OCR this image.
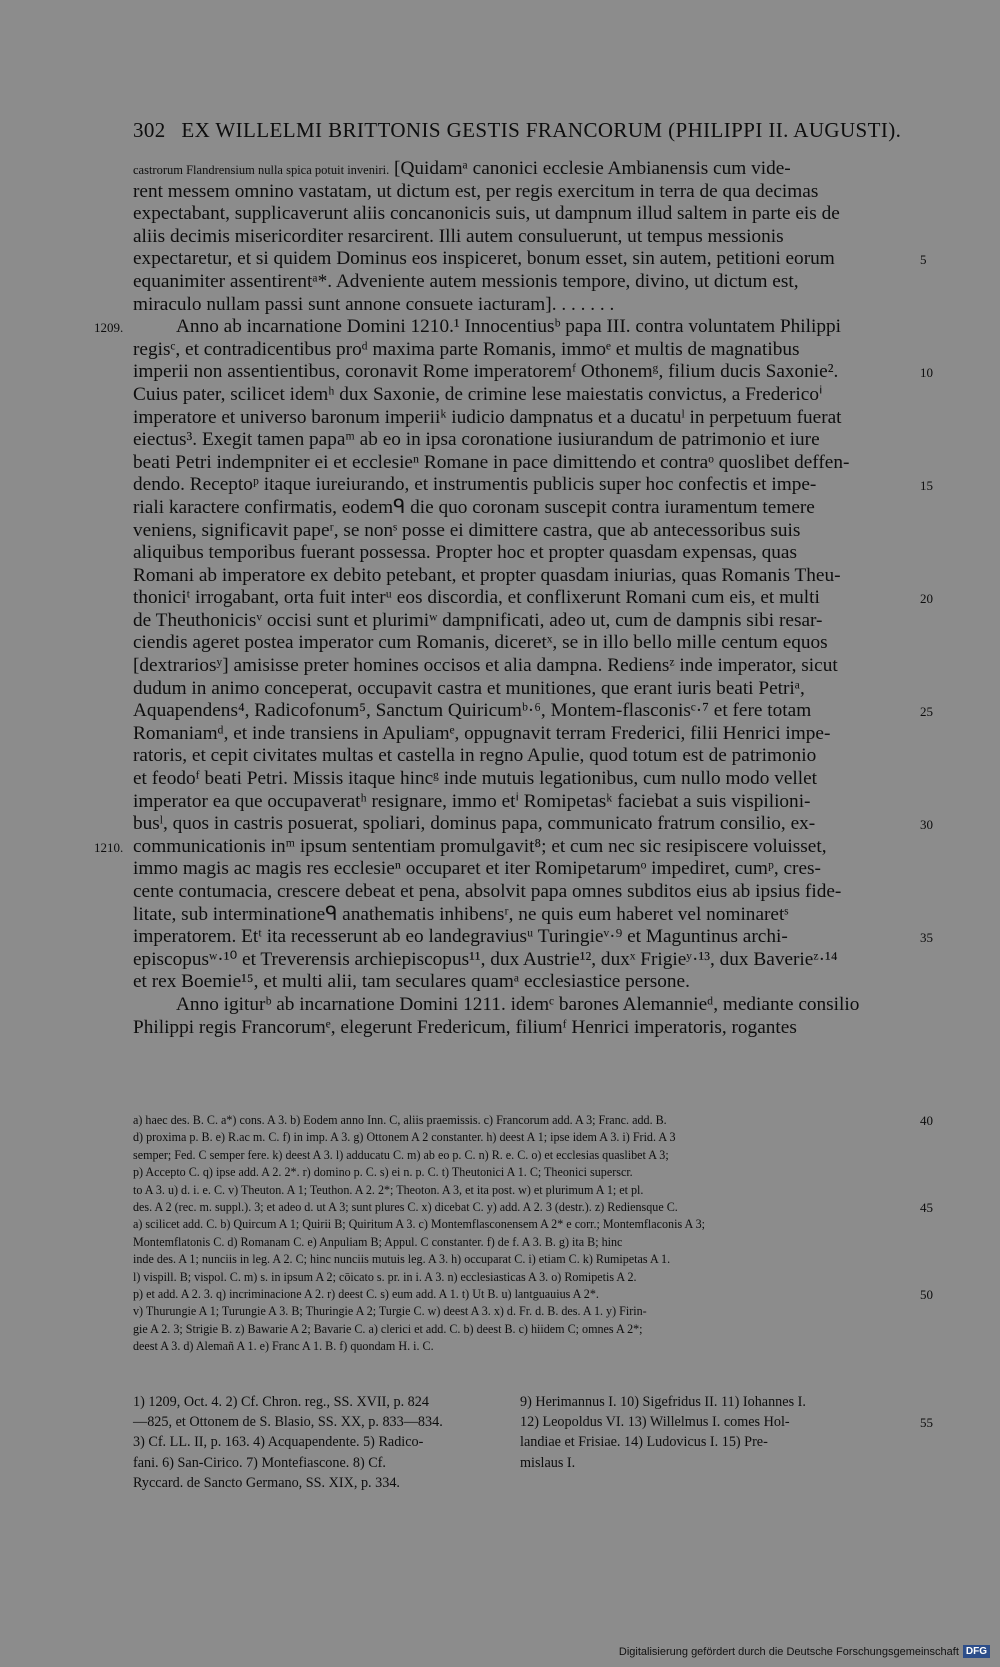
302 EX WILLELMI BRITTONIS GESTIS FRANCORUM (PHILIPPI II. AUGUSTI).
castrorum Flandrensium nulla spica potuit inveniri. [Quidamᵃ canonici ecclesie Ambianensis cum vide-
rent messem omnino vastatam, ut dictum est, per regis exercitum in terra de qua decimas
expectabant, supplicaverunt aliis concanonicis suis, ut dampnum illud saltem in parte eis de
aliis decimis misericorditer resarcirent. Illi autem consuluerunt, ut tempus messionis
expectaretur, et si quidem Dominus eos inspiceret, bonum esset, sin autem, petitioni eorum
equanimiter assentirentᵃ*. Adveniente autem messionis tempore, divino, ut dictum est,
miraculo nullam passi sunt annone consuete iacturam]. . . . . . .
Anno ab incarnatione Domini 1210.¹ Innocentiusᵇ papa III. contra voluntatem Philippi
regisᶜ, et contradicentibus proᵈ maxima parte Romanis, immoᵉ et multis de magnatibus
imperii non assentientibus, coronavit Rome imperatoremᶠ Othonemᵍ, filium ducis Saxonie².
Cuius pater, scilicet idemʰ dux Saxonie, de crimine lese maiestatis convictus, a Fredericoⁱ
imperatore et universo baronum imperiiᵏ iudicio dampnatus et a ducatuˡ in perpetuum fuerat
eiectus³. Exegit tamen papaᵐ ab eo in ipsa coronatione iusiurandum de patrimonio et iure
beati Petri indempniter ei et ecclesieⁿ Romane in pace dimittendo et contraᵒ quoslibet deffen-
dendo. Receptoᵖ itaque iureiurando, et instrumentis publicis super hoc confectis et impe-
riali karactere confirmatis, eodemᑫ die quo coronam suscepit contra iuramentum temere
veniens, significavit papeʳ, se nonˢ posse ei dimittere castra, que ab antecessoribus suis
aliquibus temporibus fuerant possessa. Propter hoc et propter quasdam expensas, quas
Romani ab imperatore ex debito petebant, et propter quasdam iniurias, quas Romanis Theu-
thoniciᵗ irrogabant, orta fuit interᵘ eos discordia, et conflixerunt Romani cum eis, et multi
de Theuthonicisᵛ occisi sunt et plurimiʷ dampnificati, adeo ut, cum de dampnis sibi resar-
ciendis ageret postea imperator cum Romanis, diceretˣ, se in illo bello mille centum equos
[dextrariosʸ] amisisse preter homines occisos et alia dampna. Rediensᶻ inde imperator, sicut
dudum in animo conceperat, occupavit castra et munitiones, que erant iuris beati Petriᵃ,
Aquapendens⁴, Radicofonum⁵, Sanctum Quiricumᵇ·⁶, Montem-flasconisᶜ·⁷ et fere totam
Romaniamᵈ, et inde transiens in Apuliamᵉ, oppugnavit terram Frederici, filii Henrici impe-
ratoris, et cepit civitates multas et castella in regno Apulie, quod totum est de patrimonio
et feodoᶠ beati Petri. Missis itaque hincᵍ inde mutuis legationibus, cum nullo modo vellet
imperator ea que occupaveratʰ resignare, immo etⁱ Romipetasᵏ faciebat a suis vispilioni-
busˡ, quos in castris posuerat, spoliari, dominus papa, communicato fratrum consilio, ex-
communicationis inᵐ ipsum sententiam promulgavit⁸; et cum nec sic resipiscere voluisset,
immo magis ac magis res ecclesieⁿ occuparet et iter Romipetarumᵒ impediret, cumᵖ, cres-
cente contumacia, crescere debeat et pena, absolvit papa omnes subditos eius ab ipsius fide-
litate, sub interminationeᑫ anathematis inhibensʳ, ne quis eum haberet vel nominaretˢ
imperatorem. Etᵗ ita recesserunt ab eo landegraviusᵘ Turingieᵛ·⁹ et Maguntinus archi-
episcopusʷ·¹⁰ et Treverensis archiepiscopus¹¹, dux Austrie¹², duxˣ Frigieʸ·¹³, dux Baverieᶻ·¹⁴
et rex Boemie¹⁵, et multi alii, tam seculares quamᵃ ecclesiastice persone.
Anno igiturᵇ ab incarnatione Domini 1211. idemᶜ barones Alemannieᵈ, mediante consilio
Philippi regis Francorumᵉ, elegerunt Fredericum, filiumᶠ Henrici imperatoris, rogantes
1209.
1210.
5
10
15
20
25
30
35
40
45
50
55
a) haec des. B. C. a*) cons. A 3. b) Eodem anno Inn. C, aliis praemissis. c) Francorum add. A 3; Franc. add. B.
d) proxima p. B. e) R.ac m. C. f) in imp. A 3. g) Ottonem A 2 constanter. h) deest A 1; ipse idem A 3. i) Frid. A 3
semper; Fed. C semper fere. k) deest A 3. l) adducatu C. m) ab eo p. C. n) R. e. C. o) et ecclesias quaslibet A 3;
p) Accepto C. q) ipse add. A 2. 2*. r) domino p. C. s) ei n. p. C. t) Theutonici A 1. C; Theonici superscr.
to A 3. u) d. i. e. C. v) Theuton. A 1; Teuthon. A 2. 2*; Theoton. A 3, et ita post. w) et plurimum A 1; et pl.
des. A 2 (rec. m. suppl.). 3; et adeo d. ut A 3; sunt plures C. x) dicebat C. y) add. A 2. 3 (destr.). z) Rediensque C.
a) scilicet add. C. b) Quircum A 1; Quirii B; Quiritum A 3. c) Montemflasconensem A 2* e corr.; Montemflaconis A 3;
Montemflatonis C. d) Romanam C. e) Anpuliam B; Appul. C constanter. f) de f. A 3. B. g) ita B; hinc
inde des. A 1; nunciis in leg. A 2. C; hinc nunciis mutuis leg. A 3. h) occuparat C. i) etiam C. k) Rumipetas A 1.
l) vispill. B; vispol. C. m) s. in ipsum A 2; cōicato s. pr. in i. A 3. n) ecclesiasticas A 3. o) Romipetis A 2.
p) et add. A 2. 3. q) incriminacione A 2. r) deest C. s) eum add. A 1. t) Ut B. u) lantguauius A 2*.
v) Thurungie A 1; Turungie A 3. B; Thuringie A 2; Turgie C. w) deest A 3. x) d. Fr. d. B. des. A 1. y) Firin-
gie A 2. 3; Strigie B. z) Bawarie A 2; Bavarie C. a) clerici et add. C. b) deest B. c) hiidem C; omnes A 2*;
deest A 3. d) Alemañ A 1. e) Franc A 1. B. f) quondam H. i. C.
1) 1209, Oct. 4. 2) Cf. Chron. reg., SS. XVII, p. 824
—825, et Ottonem de S. Blasio, SS. XX, p. 833—834.
3) Cf. LL. II, p. 163. 4) Acquapendente. 5) Radico-
fani. 6) San-Cirico. 7) Montefiascone. 8) Cf.
Ryccard. de Sancto Germano, SS. XIX, p. 334.
9) Herimannus I. 10) Sigefridus II. 11) Iohannes I.
12) Leopoldus VI. 13) Willelmus I. comes Hol-
landiae et Frisiae. 14) Ludovicus I. 15) Pre-
mislaus I.
Digitalisierung gefördert durch die Deutsche Forschungsgemeinschaft DFG
